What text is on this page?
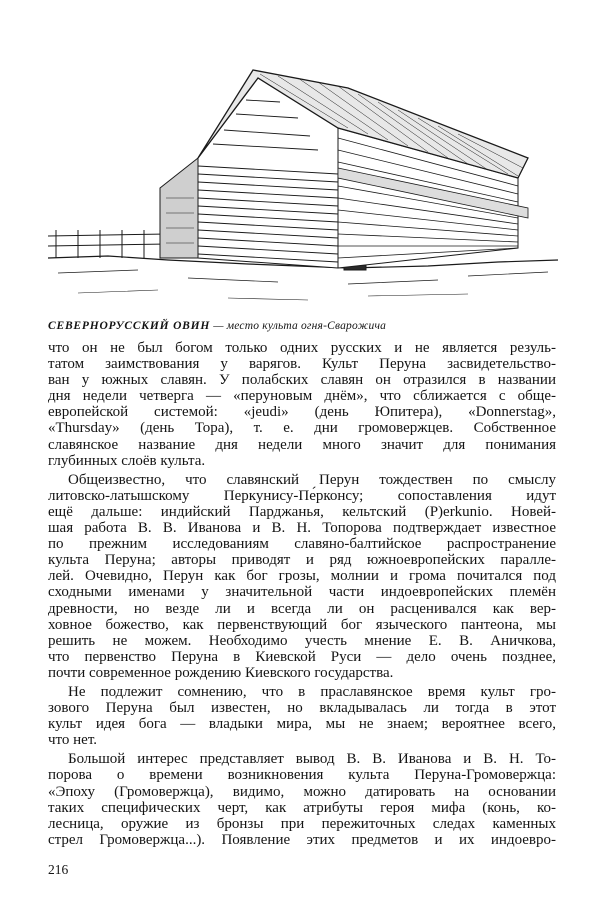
СЕВЕРНОРУССКИЙ ОВИН — место культа огня-Сварожича
что он не был богом только одних русских и не является резуль-
татом заимствования у варягов. Культ Перуна засвидетельство-
ван у южных славян. У полабских славян он отразился в названии
дня недели четверга — «перуновым днём», что сближается с обще-
европейской системой: «jeudi» (день Юпитера), «Donnerstag»,
«Thursday» (день Тора), т. е. дни громовержцев. Собственное
славянское название дня недели много значит для понимания
глубинных слоёв культа.
Общеизвестно, что славянский Перун тождествен по смыслу
литовско-латышскому Перкунису-Пе́рконсу; сопоставления идут
ещё дальше: индийский Парджанья, кельтский (P)erkunio. Новей-
шая работа В. В. Иванова и В. Н. Топорова подтверждает известное
по прежним исследованиям славяно-балтийское распространение
культа Перуна; авторы приводят и ряд южноевропейских паралле-
лей. Очевидно, Перун как бог грозы, молнии и грома почитался под
сходными именами у значительной части индоевропейских племён
древности, но везде ли и всегда ли он расценивался как вер-
ховное божество, как первенствующий бог языческого пантеона, мы
решить не можем. Необходимо учесть мнение Е. В. Аничкова,
что первенство Перуна в Киевской Руси — дело очень позднее,
почти современное рождению Киевского государства.
Не подлежит сомнению, что в праславянское время культ гро-
зового Перуна был известен, но вкладывалась ли тогда в этот
культ идея бога — владыки мира, мы не знаем; вероятнее всего,
что нет.
Большой интерес представляет вывод В. В. Иванова и В. Н. То-
порова о времени возникновения культа Перуна-Громовержца:
«Эпоху (Громовержца), видимо, можно датировать на основании
таких специфических черт, как атрибуты героя мифа (конь, ко-
лесница, оружие из бронзы при пережиточных следах каменных
стрел Громовержца...). Появление этих предметов и их индоевро-
216
